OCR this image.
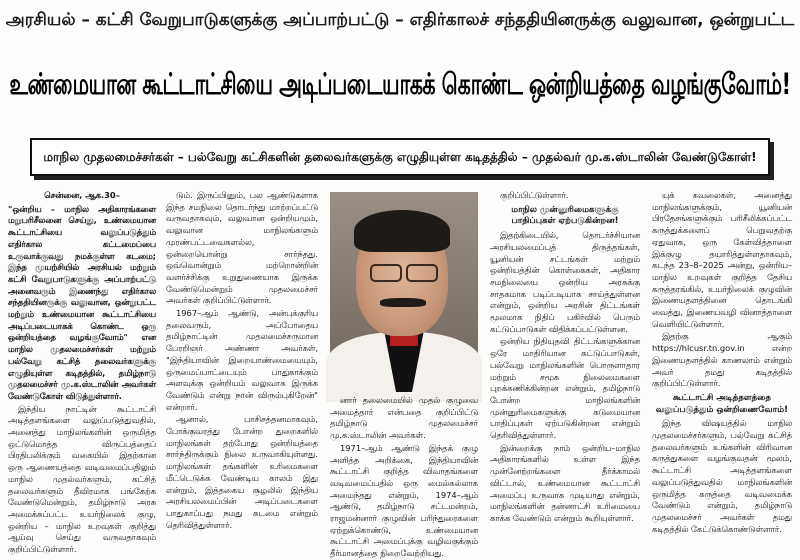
அரசியல் – கட்சி வேறுபாடுகளுக்கு அப்பாற்பட்டு – எதிர்காலச் சந்ததியினருக்கு வலுவான, ஒன்றுபட்ட
உண்மையான கூட்டாட்சியை அடிப்படையாகக் கொண்ட ஒன்றியத்தை வழங்குவோம்!
மாநில முதலமைச்சர்கள் – பல்வேறு கட்சிகளின் தலைவர்களுக்கு எழுதியுள்ள கடிதத்தில் – முதல்வர் மு.க.ஸ்டாலின் வேண்டுகோள்!

சென்னை, ஆக.30–

"ஒன்றிய – மாநில அதிகாரங்களை மறுபரிசீலனை செய்து, உண்மையான கூட்டாட்சியை வலுப்படுத்தும் எதிர்கால கட்டமைப்பை உருவாக்குவது நமக்குள்ள கடமை; இந்த முயற்சியில் அரசியல் மற்றும் கட்சி வேறுபாடுகளுக்கு அப்பாற்பட்டு அனைவரும் இணைந்து எதிர்கால சந்ததியினருக்கு வலுவான, ஒன்றுபட்ட மற்றும் உண்மையான கூட்டாட்சியை அடிப்படையாகக் கொண்ட ஒரு ஒன்றியத்தை வழங்குவோம்" என மாநில முதலமைச்சர்கள் மற்றும் பல்வேறு கட்சித் தலைவர்களுக்கு எழுதியுள்ள கடிதத்தில், தமிழ்நாடு முதலமைச்சர் மு.க.ஸ்டாலின் அவர்கள் வேண்டுகோள் விடுத்துள்ளார்.

இந்திய நாட்டின் கூட்டாட்சி அடித்தளங்களை வலுப்படுத்துவதில், அனைத்து மாநிலங்களின் ஒருமித்த ஒட்டுமொத்த விருப்பத்தைப் பிரதிபலிக்கும் வகையில் இதற்கான ஒரு ஆணையத்தை வடிவமைப்பதிலும் மாநில முதல்வர்களும், கட்சித் தலைவர்களும் தீவிரமாக பங்கேற்க வேண்டுமென்றும், தமிழ்நாடு அரசு அமைக்கப்பட்ட உயர்நிலைக் குழு, ஒன்றிய – மாநில உறவுகள் குறித்து ஆய்வு செய்து வருவதாகவும் குறிப்பிட்டுள்ளார்.

டும். இருப்பினும், பல ஆண்டுகளாக இந்த சமநிலை தொடர்ந்து மாற்றப்பட்டு வருவதாகவும், வலுவான ஒன்றியமும், வலுவான மாநிலங்களும் முரண்பட்டவைகளல்ல, ஒன்றையொன்று சார்ந்தது. ஒவ்வொன்றும் மற்றொன்றின் வளர்ச்சிக்கு உறுதுணையாக இருக்க வேண்டுமென்றும் முதலமைச்சர் அவர்கள் குறிப்பிட்டுள்ளார்.

1967–ஆம் ஆண்டு, அன்புக்குரிய தலைவரும், அப்போதைய தமிழ்நாட்டின் முதலமைச்சருமான பேரறிஞர் அண்ணா அவர்கள், "இந்தியாவின் இறையாண்மையையும், ஒருமைப்பாட்டையும் பாதுகாக்கும் அளவுக்கு ஒன்றியம் வலுவாக இருக்க வேண்டும் என்று நான் விரும்புகிறேன்" என்றார்.

ஆனால், பாசிசத்தனமாகவும், போக்குவரத்து போன்ற துறைகளில் மாநிலங்கள் தற்போது ஒன்றியத்தை சார்ந்திருக்கும் நிலை உருவாகியுள்ளது. மாநிலங்கள் தங்களின் உரிமைகளை மீட்டெடுக்க வேண்டிய காலம் இது என்றும், இத்தகைய சூழலில் இந்திய அரசியலமைப்பின் அடிப்படைகளை பாதுகாப்பது நமது கடமை என்றும் தெரிவித்துள்ளார்.

னார் தலைமையில் முதல் குழுவை அமைத்தார் என்பதை குறிப்பிட்டு தமிழ்நாடு முதலமைச்சர் மு.க.ஸ்டாலின் அவர்கள்.

1971–ஆம் ஆண்டு இந்தக் குழு அளித்த அறிக்கை, இந்தியாவின் கூட்டாட்சி குறித்த விவாதங்களை வடிவமைப்பதில் ஒரு மைல்கல்லாக அமைந்தது என்றும், 1974–ஆம் ஆண்டு, தமிழ்நாடு சட்டமன்றம், ராஜமன்னார் குழுவின் பரிந்துரைகளை ஏற்றுக்கொண்டு, உண்மையான கூட்டாட்சி அமைப்புக்கு வழிவகுக்கும் தீர்மானத்தை நிறைவேற்றியது.

குறிப்பிட்டுள்ளார்.

மாநில முன்னுரிமைகளுக்கு பாதிப்புகள் ஏற்படுகின்றன!

இதற்கிடையில், தொடர்ச்சியான அரசியலமைப்புத் திருத்தங்கள், யூனியன் சட்டங்கள் மற்றும் ஒன்றியத்தின் கொள்கைகள், அதிகார சமநிலையை ஒன்றிய அரசுக்கு சாதகமாக படிப்படியாக சாய்த்துள்ளன என்றும், ஒன்றிய அரசின் திட்டங்கள் மூலமாக நிதிப் பகிர்வில் பெரும் கட்டுப்பாடுகள் விதிக்கப்பட்டுள்ளன.

ஒன்றிய நிதியுதவி திட்டங்களுக்கான ஒரே மாதிரியான கட்டுப்பாடுகள், பல்வேறு மாநிலங்களின் பொருளாதார மற்றும் சமூக நிலைமைகளை புறக்கணிக்கின்றன என்றும், தமிழ்நாடு போன்ற மாநிலங்களின் முன்னுரிமைகளுக்கு கடுமையான பாதிப்புகள் ஏற்படுகின்றன என்றும் தெரிவித்துள்ளார்.

இன்றைக்கு நாம் ஒன்றிய–மாநில அதிகாரங்களில் உள்ள இந்த முன்னேற்றங்களை தீர்க்காமல் விட்டால், உண்மையான கூட்டாட்சி அமைப்பு உருவாக முடியாது என்றும், மாநிலங்களின் தன்னாட்சி உரிமையை காக்க வேண்டும் என்றும் கூறியுள்ளார்.

யுக் கவலைகள், அனைத்து மாநிலங்களுக்கும், யூனியன் பிரதேசங்களுக்கும் பரிசீலிக்கப்பட்ட கருத்துக்களைப் பெறுவதற்கு ஏதுவாக, ஒரு கேள்வித்தாளை இக்குழு தயாரித்துள்ளதாகவும், கடந்த 23–8–2025 அன்று, ஒன்றிய–மாநில உறவுகள் குறித்த தேசிய கருத்தரங்கில், உயர்நிலைக் குழுவின் இணையதளத்தினை தொடங்கி வைத்து, இணையவழி வினாத்தாளை வெளியிட்டுள்ளார்.

இதற்கு ஆகும் https://hlcusr.tn.gov.in என்ற இணையதளத்தில் காணலாம் என்றும் அவர் தமது கடிதத்தில் குறிப்பிட்டுள்ளார்.

கூட்டாட்சி அடித்தளத்தை வலுப்படுத்தும் ஒன்றிணைவோம்!

இந்த விஷயத்தில் மாநில முதலமைச்சர்களும், பல்வேறு கட்சித் தலைவர்களும் உங்களின் விரிவான கருத்துகளை வழங்குவதன் மூலம், கூட்டாட்சி அடித்தளங்களை வலுப்படுத்துவதில் மாநிலங்களின் ஒருமித்த கருத்தை வடிவமைக்க வேண்டும் என்றும், தமிழ்நாடு முதலமைச்சர் அவர்கள் தமது கடிதத்தில் கேட்டுக்கொண்டுள்ளார்.
